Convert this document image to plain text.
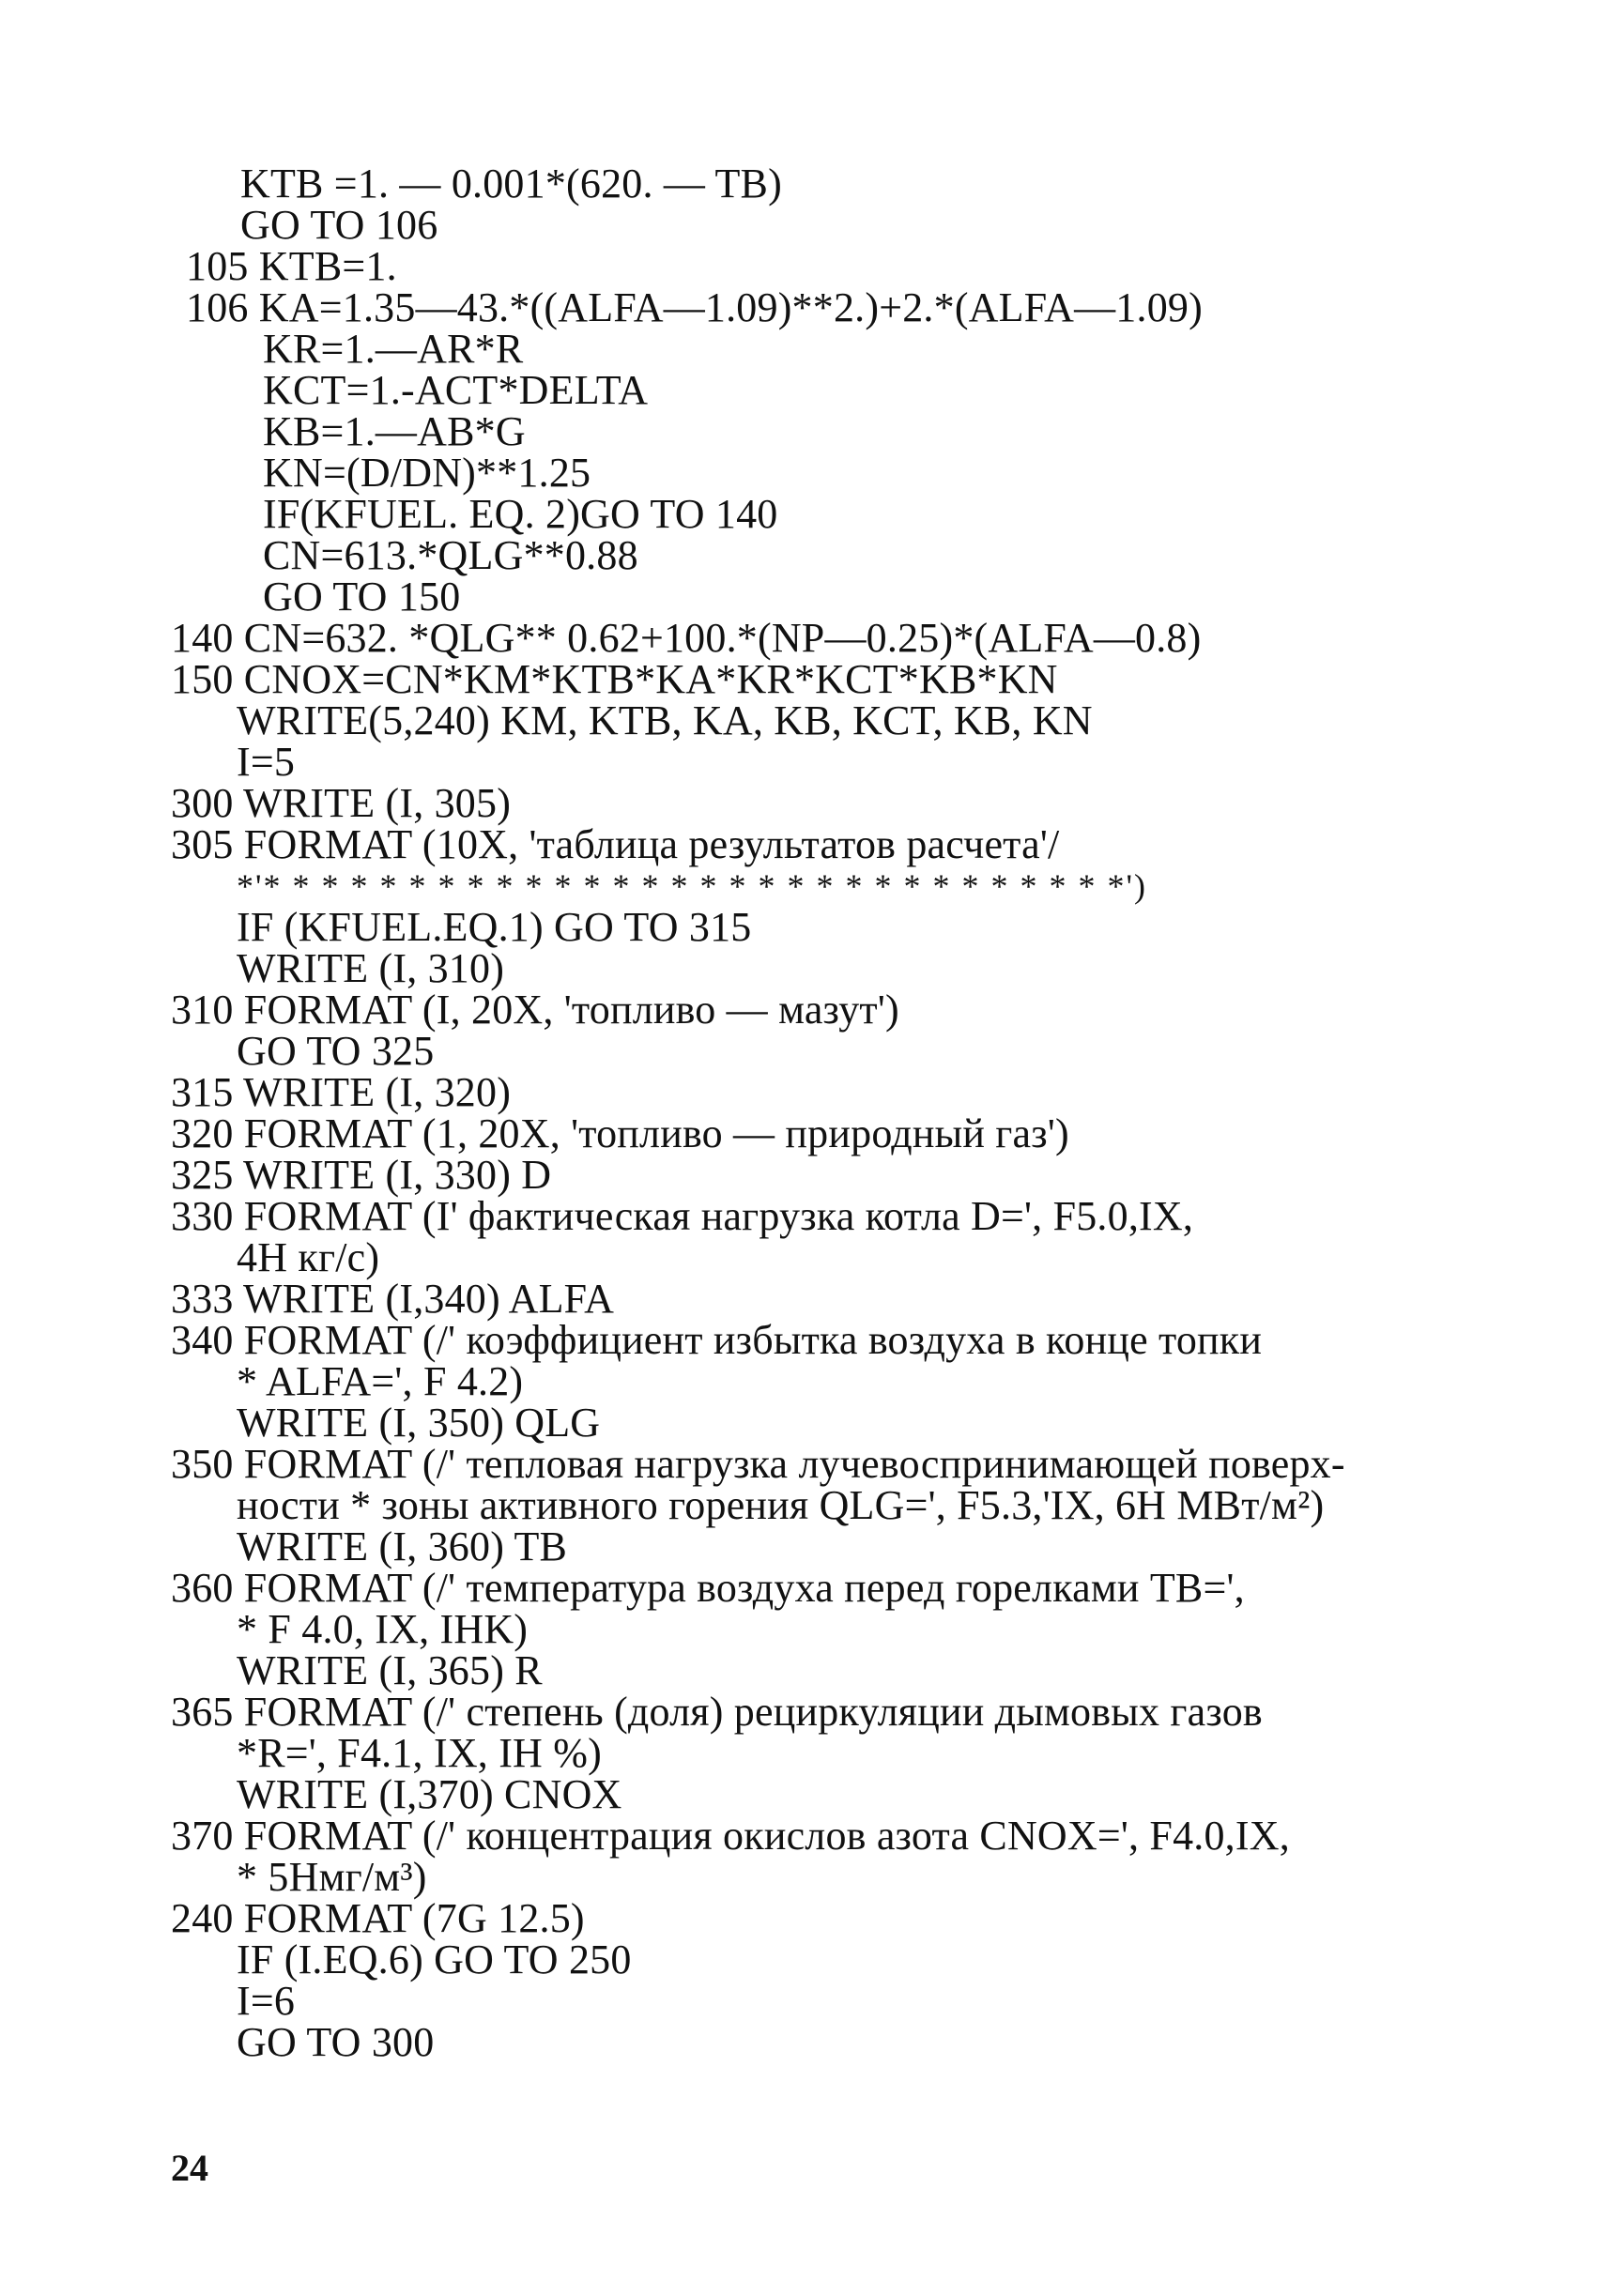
KTB =1. — 0.001*(620. — TB)
GO TO 106
105 KTB=1.
106 KA=1.35—43.*((ALFA—1.09)**2.)+2.*(ALFA—1.09)
KR=1.—AR*R
KCT=1.-ACT*DELTA
KB=1.—AB*G
KN=(D/DN)**1.25
IF(KFUEL. EQ. 2)GO TO 140
CN=613.*QLG**0.88
GO TO 150
140 CN=632. *QLG** 0.62+100.*(NP—0.25)*(ALFA—0.8)
150 CNOX=CN*KM*KTB*KA*KR*KCT*KB*KN
WRITE(5,240) KM, KTB, KA, KB, KCT, KB, KN
I=5
300 WRITE (I, 305)
305 FORMAT (10X, 'таблица результатов расчета'/
*'* * * * * * * * * * * * * * * * * * * * * * * * * * * * * *')
IF (KFUEL.EQ.1) GO TO 315
WRITE (I, 310)
310 FORMAT (I, 20X, 'топливо — мазут')
GO TO 325
315 WRITE (I, 320)
320 FORMAT (1, 20X, 'топливо — природный газ')
325 WRITE (I, 330) D
330 FORMAT (I' фактическая нагрузка котла D=', F5.0,IX,
4H кг/с)
333 WRITE (I,340) ALFA
340 FORMAT (/' коэффициент избытка воздуха в конце топки
* ALFA=', F 4.2)
WRITE (I, 350) QLG
350 FORMAT (/' тепловая нагрузка лучевоспринимающей поверх-
ности * зоны активного горения QLG=', F5.3,'IX, 6H МВт/м²)
WRITE (I, 360) TB
360 FORMAT (/' температура воздуха перед горелками TB=',
* F 4.0, IX, IHK)
WRITE (I, 365) R
365 FORMAT (/' степень (доля) рециркуляции дымовых газов
*R=', F4.1, IX, IH %)
WRITE (I,370) CNOX
370 FORMAT (/' концентрация окислов азота CNOX=', F4.0,IX,
* 5Hмг/м³)
240 FORMAT (7G 12.5)
IF (I.EQ.6) GO TO 250
I=6
GO TO 300
24
